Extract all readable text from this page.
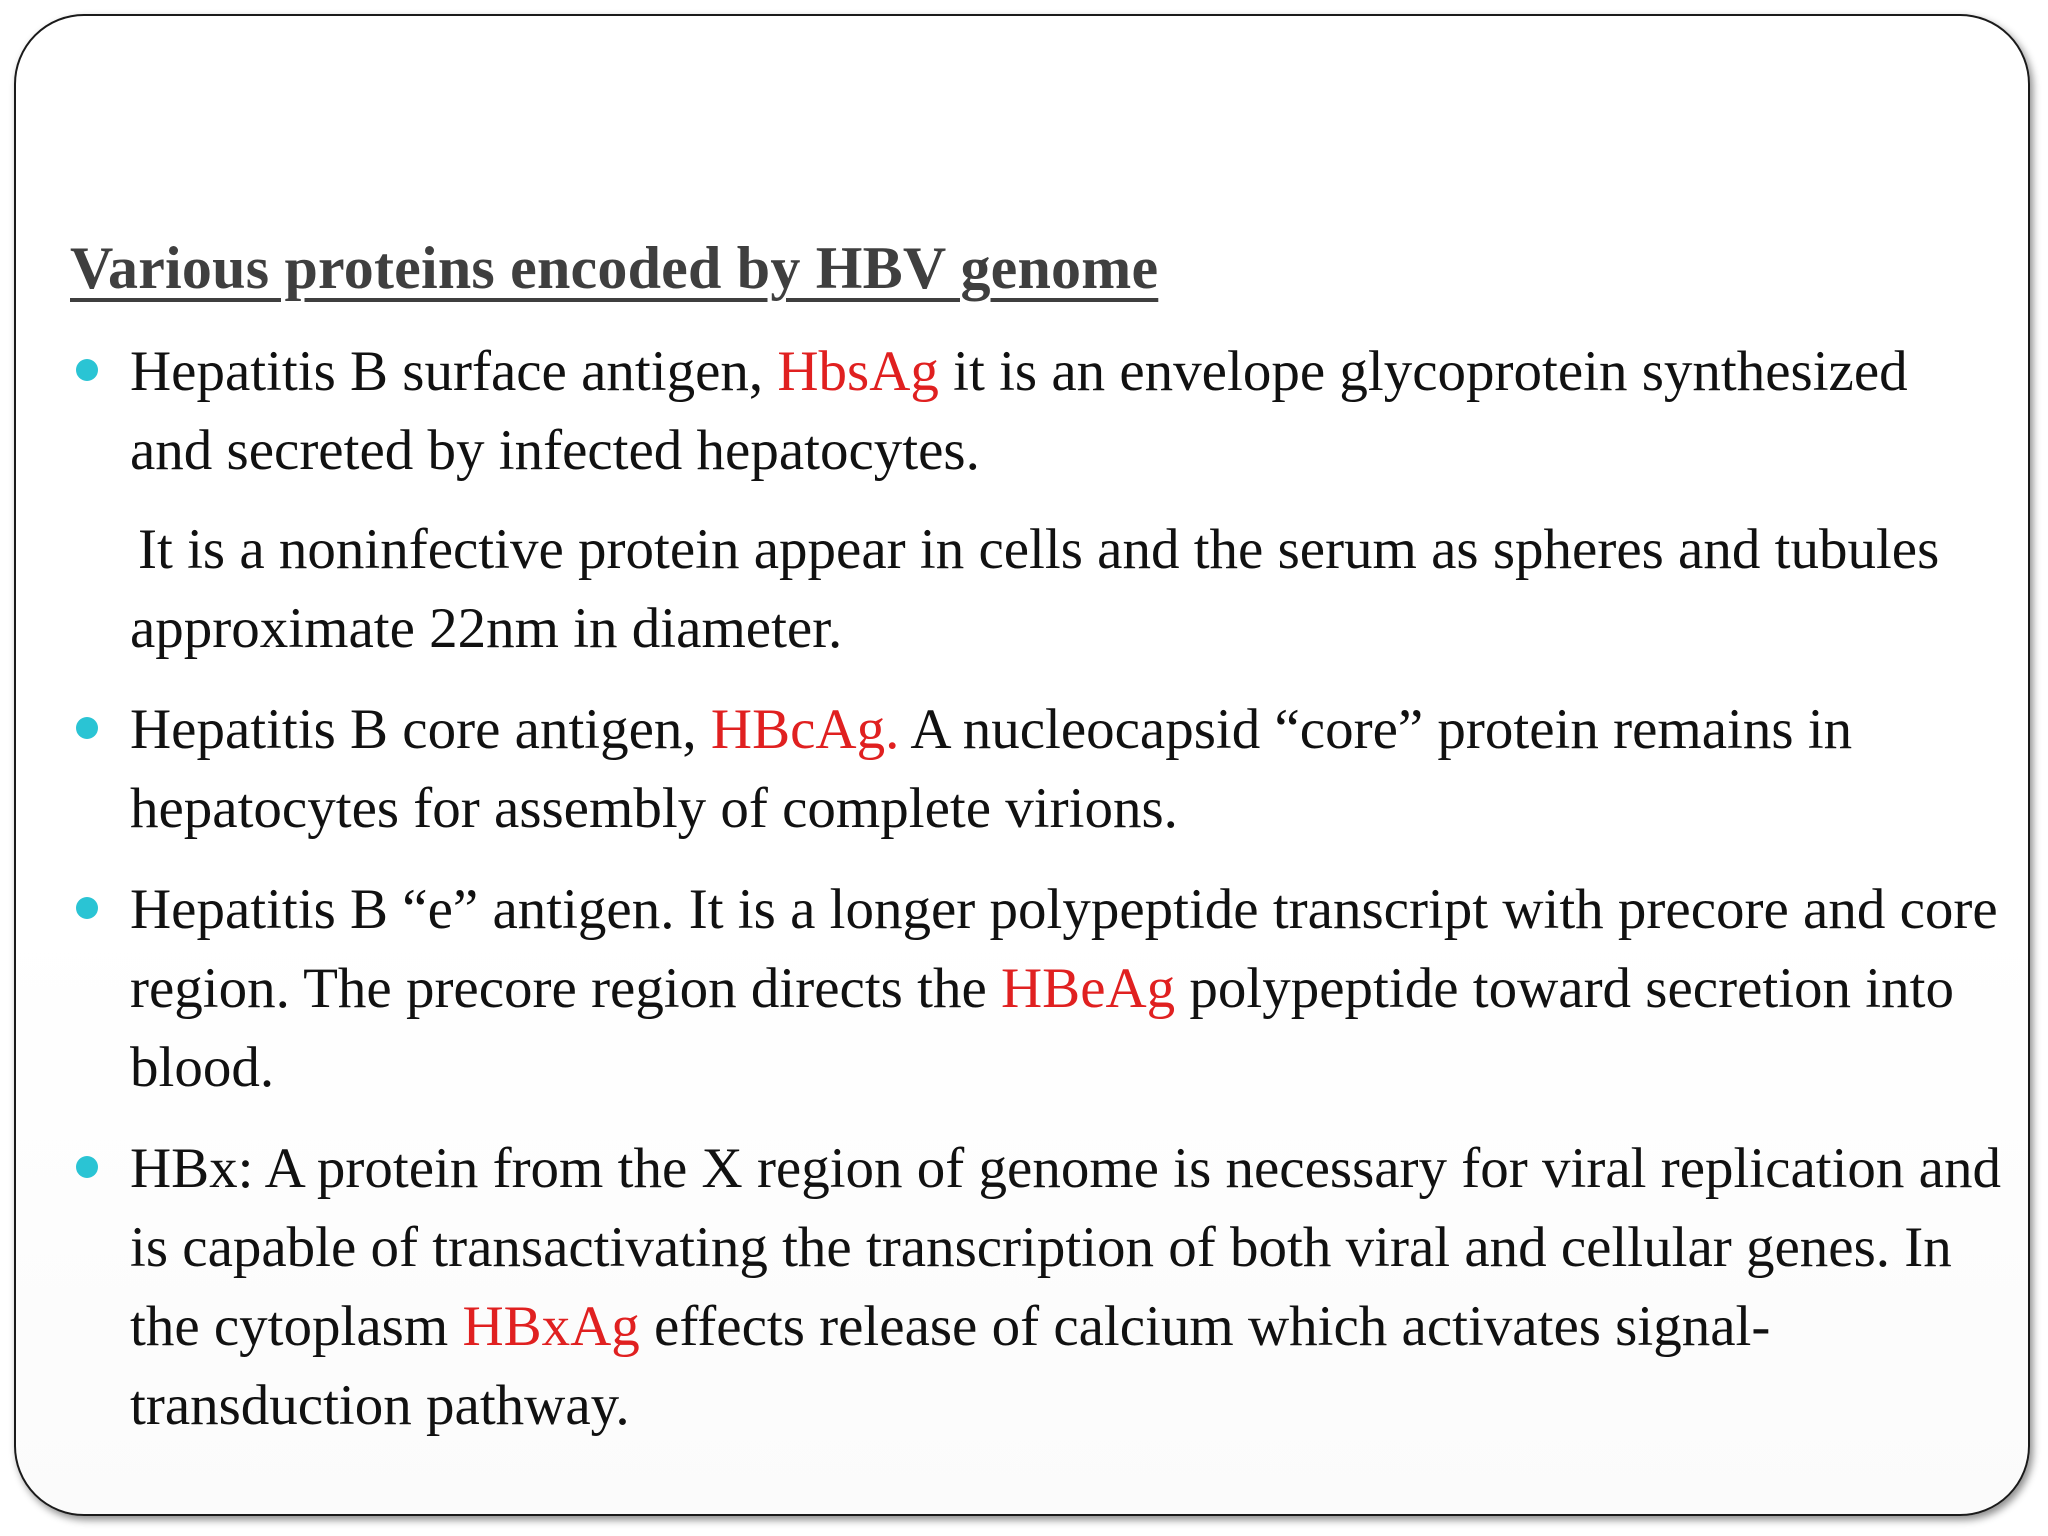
Various proteins encoded by HBV genome

Hepatitis B surface antigen, HbsAg it is an envelope glycoprotein synthesized and secreted by infected hepatocytes.

It is a noninfective protein appear in cells and the serum as spheres and tubules approximate 22nm in diameter.

Hepatitis B core antigen, HBcAg. A nucleocapsid “core” protein remains in hepatocytes for assembly of complete virions.

Hepatitis B “e” antigen. It is a longer polypeptide transcript with precore and core region. The precore region directs the HBeAg polypeptide toward secretion into blood.

HBx: A protein from the X region of genome is necessary for viral replication and is capable of transactivating the transcription of both viral and cellular genes. In the cytoplasm HBxAg effects release of calcium which activates signal-transduction pathway.
